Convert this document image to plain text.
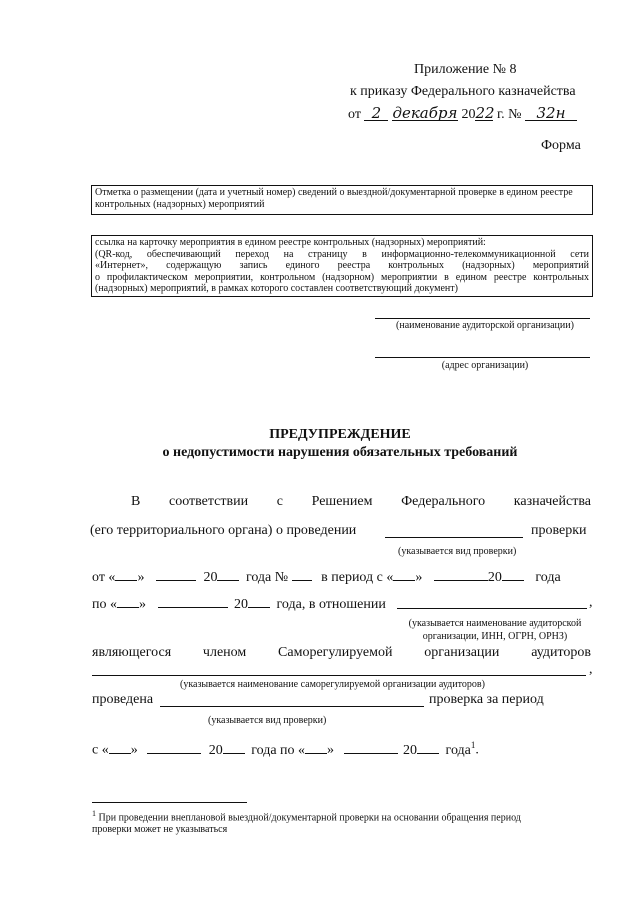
Приложение № 8
к приказу Федерального казначейства
от 2 декабря 2022 г. № 32н
Форма
Отметка о размещении (дата и учетный номер) сведений о выездной/документарной проверке в едином реестре контрольных (надзорных) мероприятий
ссылка на карточку мероприятия в едином реестре контрольных (надзорных) мероприятий:
(QR-код, обеспечивающий переход на страницу в информационно-телекоммуникационной сети
«Интернет», содержащую запись единого реестра контрольных (надзорных) мероприятий
о профилактическом мероприятии, контрольном (надзорном) мероприятии в едином реестре контрольных
(надзорных) мероприятий, в рамках которого составлен соответствующий документ)
(наименование аудиторской организации)
(адрес организации)
ПРЕДУПРЕЖДЕНИЕ
о недопустимости нарушения обязательных требований
В соответствии с Решением Федерального казначейства
(его территориального органа) о проведении	проверки
(указывается вид проверки)
от « »	20 года № в период с « »	20 года
по « »	20 года, в отношении	,
(указывается наименование аудиторской
организации, ИНН, ОГРН, ОРНЗ)
являющегося членом Саморегулируемой организации аудиторов
,
(указывается наименование саморегулируемой организации аудиторов)
проведена	проверка за период
(указывается вид проверки)
с « »	20 года по « »	20 года$^1$.
$^1$ При проведении внеплановой выездной/документарной проверки на основании обращения период
проверки может не указываться
